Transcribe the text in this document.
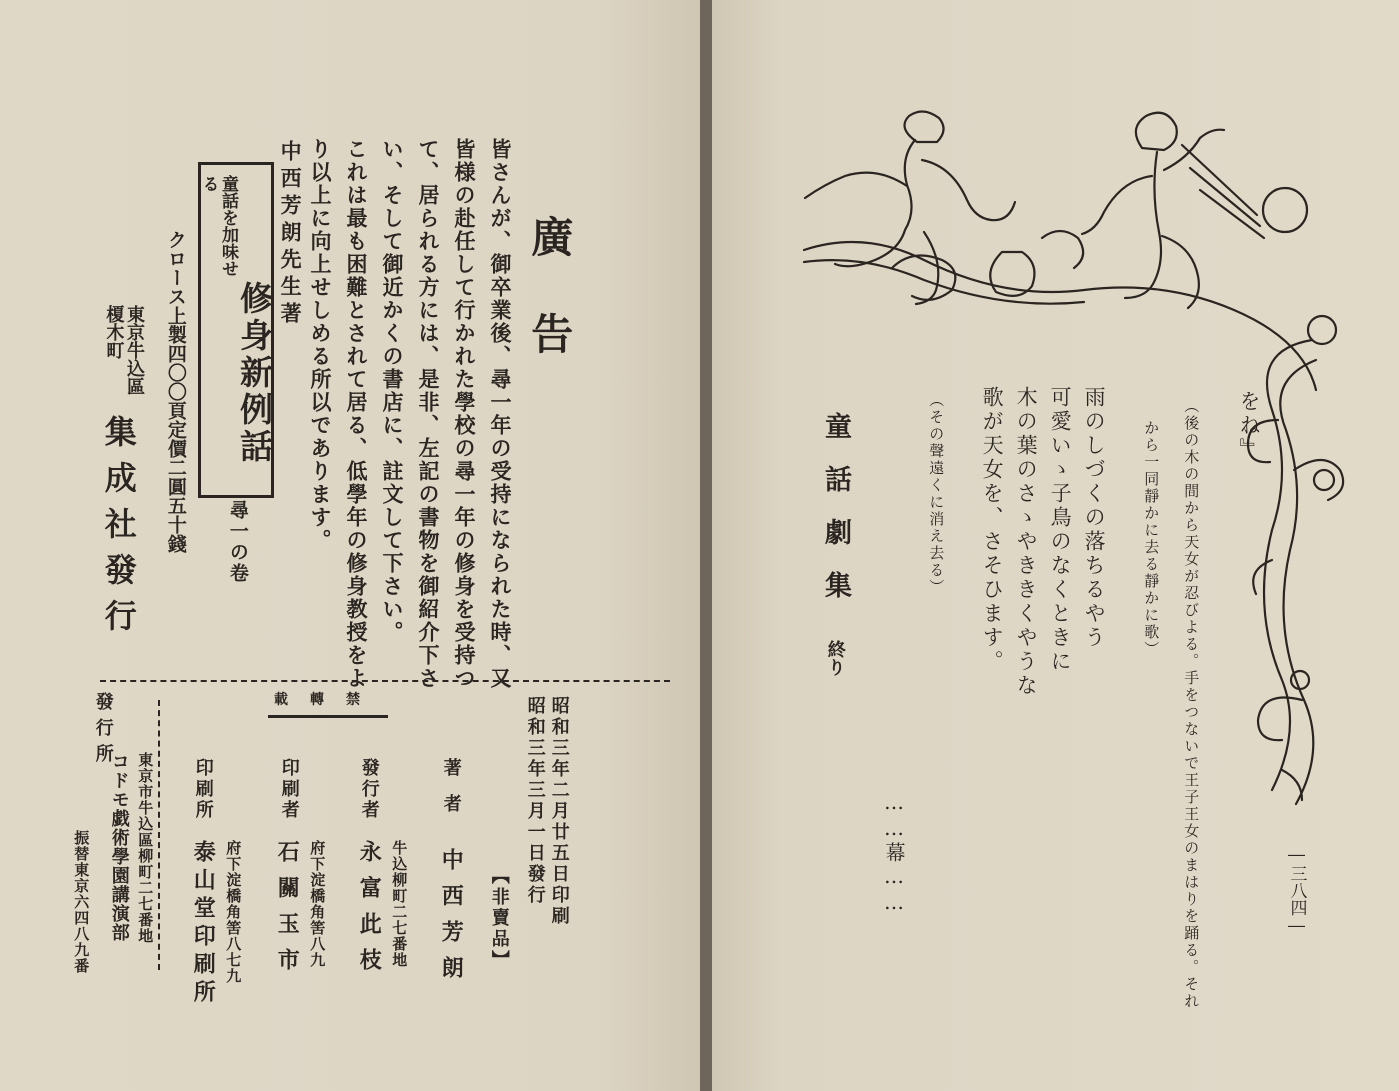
廣告
皆さんが、御卒業後、尋一年の受持になられた時、又
皆様の赴任して行かれた學校の尋一年の修身を受持つ
て、居られる方には、是非、左記の書物を御紹介下さ
い、そして御近かくの書店に、註文して下さい。
これは最も困難とされて居る、低學年の修身教授をよ
り以上に向上せしめる所以であります。
中西芳朗先生著
童話を加味せる
修身新例話
尋一の卷
クロース上製四〇〇頁定價二圓五十錢
東京牛込區榎木町
集成社發行
禁轉載	昭和三年二月廿五日印刷
昭和三年三月一日發行
【非賣品】
著者
中西芳朗
發行者
牛込柳町二七番地
永富此枝
印刷者
府下淀橋角筈八九
石關玉市
印刷所
府下淀橋角筈八七九
泰山堂印刷所
發行所
東京市牛込區柳町二七番地
コドモ戯術學園講演部
振替東京六四八九番
をね』
（後の木の間から天女が忍びよる。手をつないで王子王女のまはりを踊る。それ
から一同靜かに去る靜かに歌）
雨のしづくの落ちるやう
可愛いゝ子鳥のなくときに
木の葉のさゝやききくやうな
歌が天女を、さそひます。
（その聲遠くに消え去る）
童話劇集
終り
……幕……	―三八四―
